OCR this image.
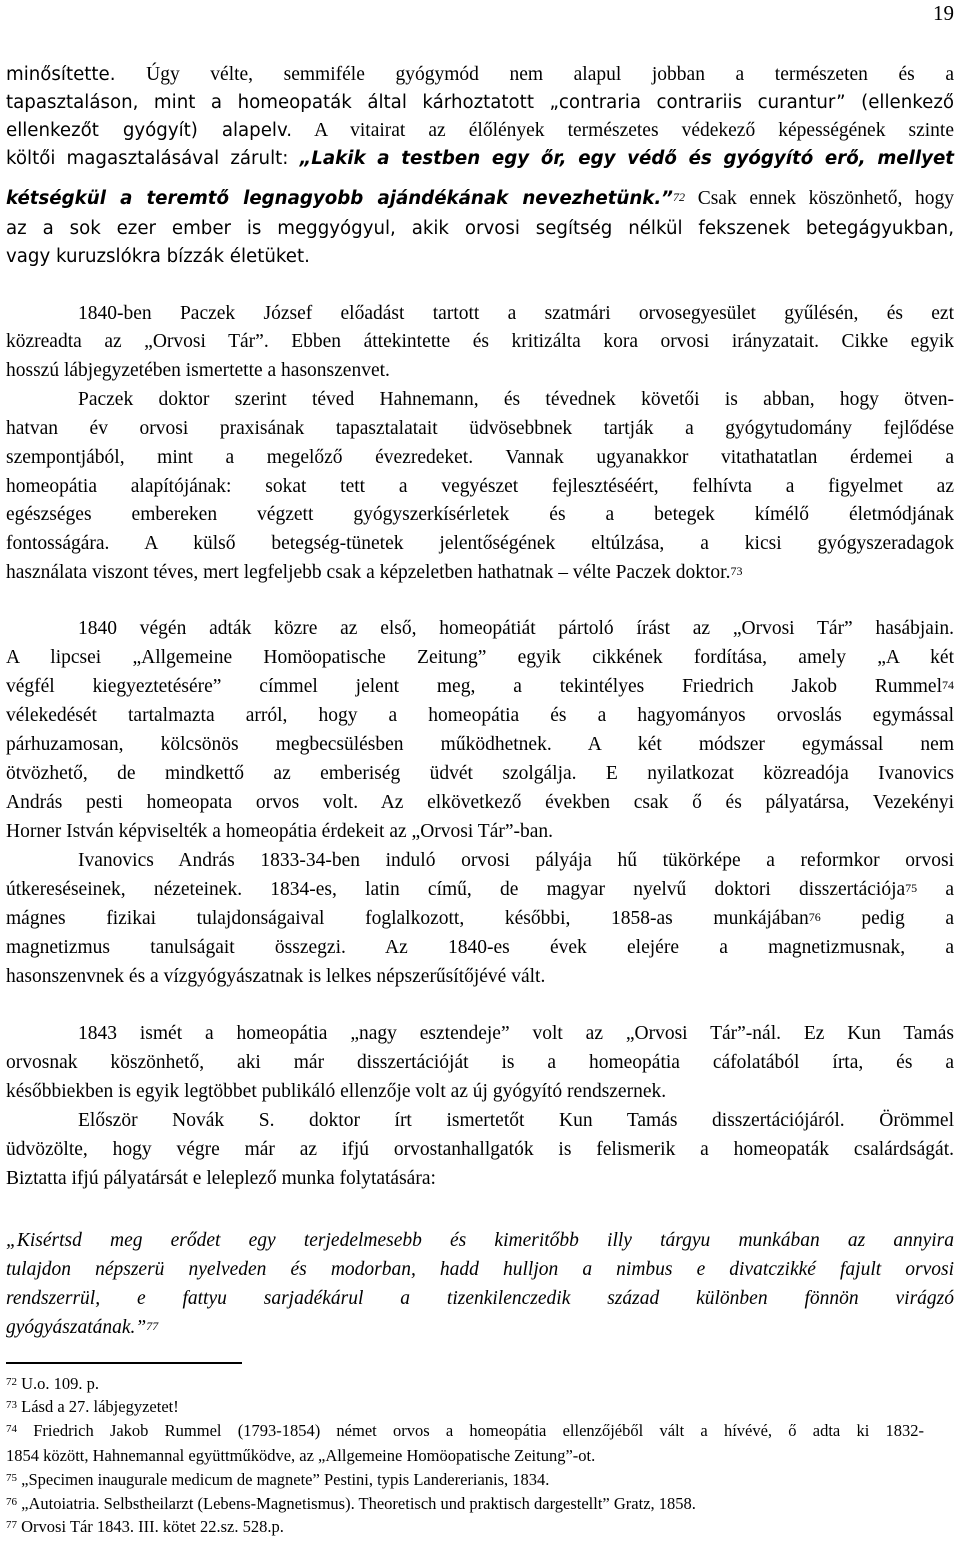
19
minősítette. Úgy vélte, semmiféle gyógymód nem alapul jobban a természeten és a
tapasztaláson, mint a homeopaták által kárhoztatott „contraria contrariis curantur” (ellenkező
ellenkezőt gyógyít) alapelv. A vitairat az élőlények természetes védekező képességének szinte
költői magasztalásával zárult: „Lakik a testben egy őr, egy védő és gyógyító erő, mellyet
kétségkül a teremtő legnagyobb ajándékának nevezhetünk.”$^{72}$ Csak ennek köszönhető, hogy
az a sok ezer ember is meggyógyul, akik orvosi segítség nélkül fekszenek betegágyukban,
vagy kuruzslókra bízzák életüket.
1840-ben Paczek József előadást tartott a szatmári orvosegyesület gyűlésén, és ezt
közreadta az „Orvosi Tár”. Ebben áttekintette és kritizálta kora orvosi irányzatait. Cikke egyik
hosszú lábjegyzetében ismertette a hasonszenvet.
Paczek doktor szerint téved Hahnemann, és tévednek követői is abban, hogy ötven-
hatvan év orvosi praxisának tapasztalatait üdvösebbnek tartják a gyógytudomány fejlődése
szempontjából, mint a megelőző évezredeket. Vannak ugyanakkor vitathatatlan érdemei a
homeopátia alapítójának: sokat tett a vegyészet fejlesztéséért, felhívta a figyelmet az
egészséges embereken végzett gyógyszerkísérletek és a betegek kímélő életmódjának
fontosságára. A külső betegség-tünetek jelentőségének eltúlzása, a kicsi gyógyszeradagok
használata viszont téves, mert legfeljebb csak a képzeletben hathatnak – vélte Paczek doktor.$^{73}$
1840 végén adták közre az első, homeopátiát pártoló írást az „Orvosi Tár” hasábjain.
A lipcsei „Allgemeine Homöopatische Zeitung” egyik cikkének fordítása, amely „A két
végfél kiegyeztetésére” címmel jelent meg, a tekintélyes Friedrich Jakob Rummel$^{74}$
vélekedését tartalmazta arról, hogy a homeopátia és a hagyományos orvoslás egymással
párhuzamosan, kölcsönös megbecsülésben működhetnek. A két módszer egymással nem
ötvözhető, de mindkettő az emberiség üdvét szolgálja. E nyilatkozat közreadója Ivanovics
András pesti homeopata orvos volt. Az elkövetkező években csak ő és pályatársa, Vezekényi
Horner István képviselték a homeopátia érdekeit az „Orvosi Tár”-ban.
Ivanovics András 1833-34-ben induló orvosi pályája hű tükörképe a reformkor orvosi
útkereséseinek, nézeteinek. 1834-es, latin című, de magyar nyelvű doktori disszertációja$^{75}$ a
mágnes fizikai tulajdonságaival foglalkozott, későbbi, 1858-as munkájában$^{76}$ pedig a
magnetizmus tanulságait összegzi. Az 1840-es évek elejére a magnetizmusnak, a
hasonszenvnek és a vízgyógyászatnak is lelkes népszerűsítőjévé vált.
1843 ismét a homeopátia „nagy esztendeje” volt az „Orvosi Tár”-nál. Ez Kun Tamás
orvosnak köszönhető, aki már disszertációját is a homeopátia cáfolatából írta, és a
későbbiekben is egyik legtöbbet publikáló ellenzője volt az új gyógyító rendszernek.
Először Novák S. doktor írt ismertetőt Kun Tamás disszertációjáról. Örömmel
üdvözölte, hogy végre már az ifjú orvostanhallgatók is felismerik a homeopaták csalárdságát.
Biztatta ifjú pályatársát e leleplező munka folytatására:
„Kisértsd meg erődet egy terjedelmesebb és kimeritőbb illy tárgyu munkában az annyira
tulajdon népszerü nyelveden és modorban, hadd hulljon a nimbus e divatczikké fajult orvosi
rendszerrül, e fattyu sarjadékárul a tizenkilenczedik század különben fönnön virágzó
gyógyászatának.”$^{77}$
$^{72}$ U.o. 109. p.
$^{73}$ Lásd a 27. lábjegyzetet!
$^{74}$ Friedrich Jakob Rummel (1793-1854) német orvos a homeopátia ellenzőjéből vált a hívévé, ő adta ki 1832-
1854 között, Hahnemannal együttműködve, az „Allgemeine Homöopatische Zeitung”-ot.
$^{75}$ „Specimen inaugurale medicum de magnete” Pestini, typis Landererianis, 1834.
$^{76}$ „Autoiatria. Selbstheilarzt (Lebens-Magnetismus). Theoretisch und praktisch dargestellt” Gratz, 1858.
$^{77}$ Orvosi Tár 1843. III. kötet 22.sz. 528.p.
